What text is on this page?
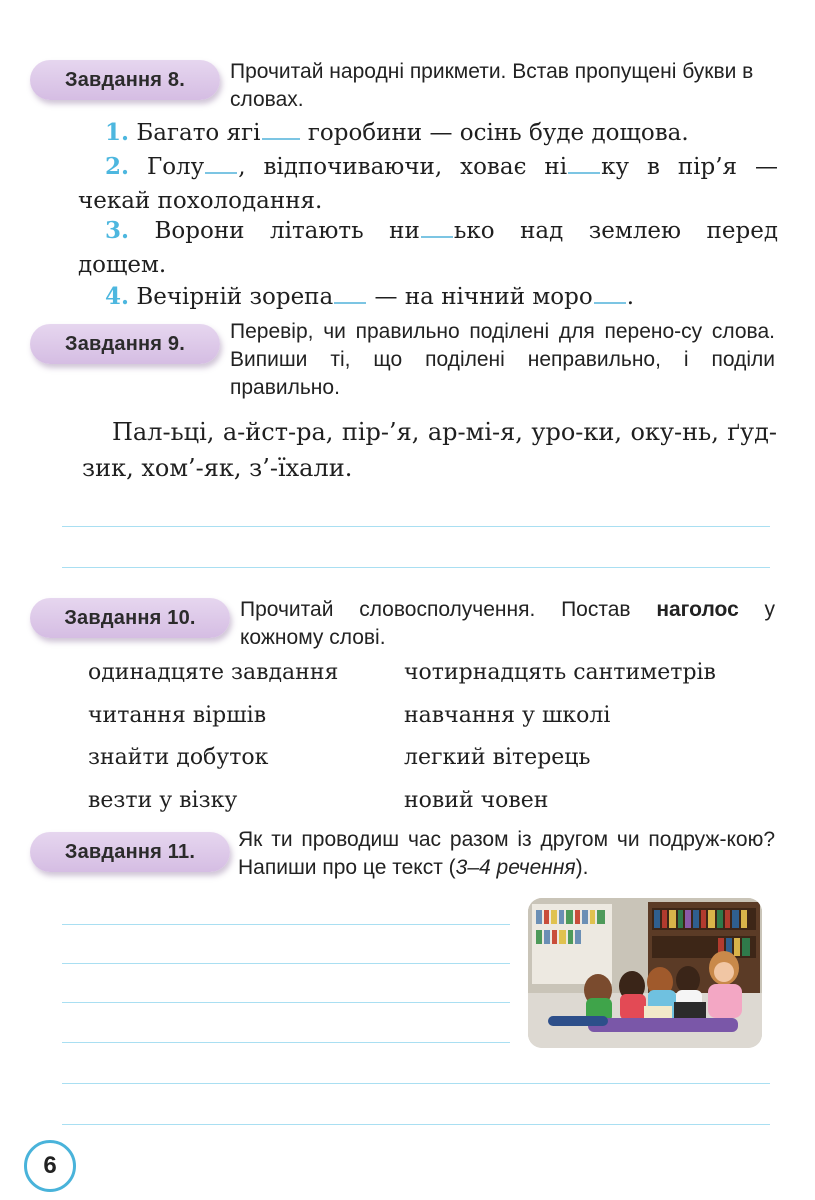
Завдання 8.	Прочитай народні прикмети. Встав пропущені букви в словах.
1. Багато ягі горобини — осінь буде дощова.
2. Голу , відпочиваючи, ховає ні ку в пір’я — чекай похолодання.
3. Ворони літають ни ько над землею перед дощем.
4. Вечірній зорепа — на нічний моро .
Завдання 9.
Перевір, чи правильно поділені для перено-су слова. Випиши ті, що поділені неправильно, і поділи правильно.
Пал-ьці, а-йст-ра, пір-’я, ар-мі-я, уро-ки, оку-нь, ґуд-зик, хом’-як, з’-їхали.
Завдання 10.	Прочитай словосполучення. Постав наголос у кожному слові.
одинадцяте завдання	чотирнадцять сантиметрів
читання віршів	навчання у школі
знайти добуток	легкий вітерець
везти у візку	новий човен
Завдання 11.
Як ти проводиш час разом із другом чи подруж-кою? Напиши про це текст (3–4 речення).
6
